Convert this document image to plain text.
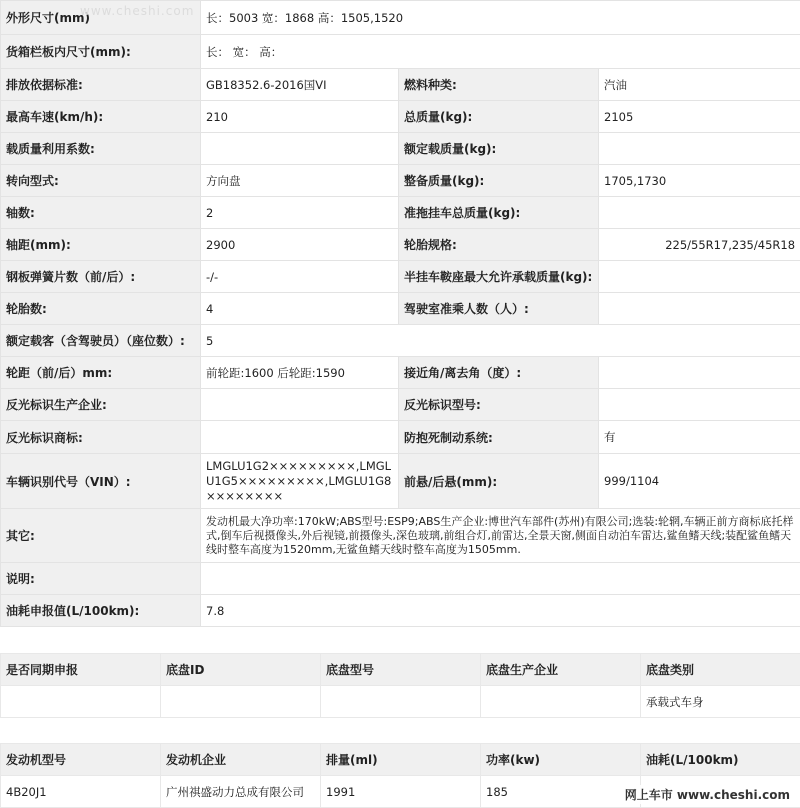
外形尺寸(mm)	长：5003 宽：1868 高：1505,1520		
货箱栏板内尺寸(mm):	长： 宽： 高：		
排放依据标准:	GB18352.6-2016国VI	燃料种类:	汽油
最高车速(km/h):	210	总质量(kg):	2105
载质量利用系数:		额定载质量(kg):	
转向型式:	方向盘	整备质量(kg):	1705,1730
轴数:	2	准拖挂车总质量(kg):	
轴距(mm):	2900	轮胎规格:	225/55R17,235/45R18
钢板弹簧片数（前/后）:	-/-	半挂车鞍座最大允许承载质量(kg):	
轮胎数:	4	驾驶室准乘人数（人）:	
额定载客（含驾驶员）（座位数）:	5		
轮距（前/后）mm:	前轮距:1600 后轮距:1590	接近角/离去角（度）:	
反光标识生产企业:		反光标识型号:	
反光标识商标:		防抱死制动系统:	有
车辆识别代号（VIN）:	LMGLU1G2×××××××××,LMGLU1G5×××××××××,LMGLU1G8××××××××	前悬/后悬(mm):	999/1104
其它:	发动机最大净功率:170kW;ABS型号:ESP9;ABS生产企业:博世汽车部件(苏州)有限公司;选装:轮辋,车辆正前方商标底托样式,倒车后视摄像头,外后视镜,前摄像头,深色玻璃,前组合灯,前雷达,全景天窗,侧面自动泊车雷达,鲨鱼鳍天线;装配鲨鱼鳍天线时整车高度为1520mm,无鲨鱼鳍天线时整车高度为1505mm.		
说明:			
油耗申报值(L/100km):	7.8		
是否同期申报	底盘ID	底盘型号	底盘生产企业	底盘类别
				承载式车身
发动机型号	发动机企业	排量(ml)	功率(kw)	油耗(L/100km)
4B20J1	广州祺盛动力总成有限公司	1991	185	
www.cheshi.com
网上车市 www.cheshi.com
